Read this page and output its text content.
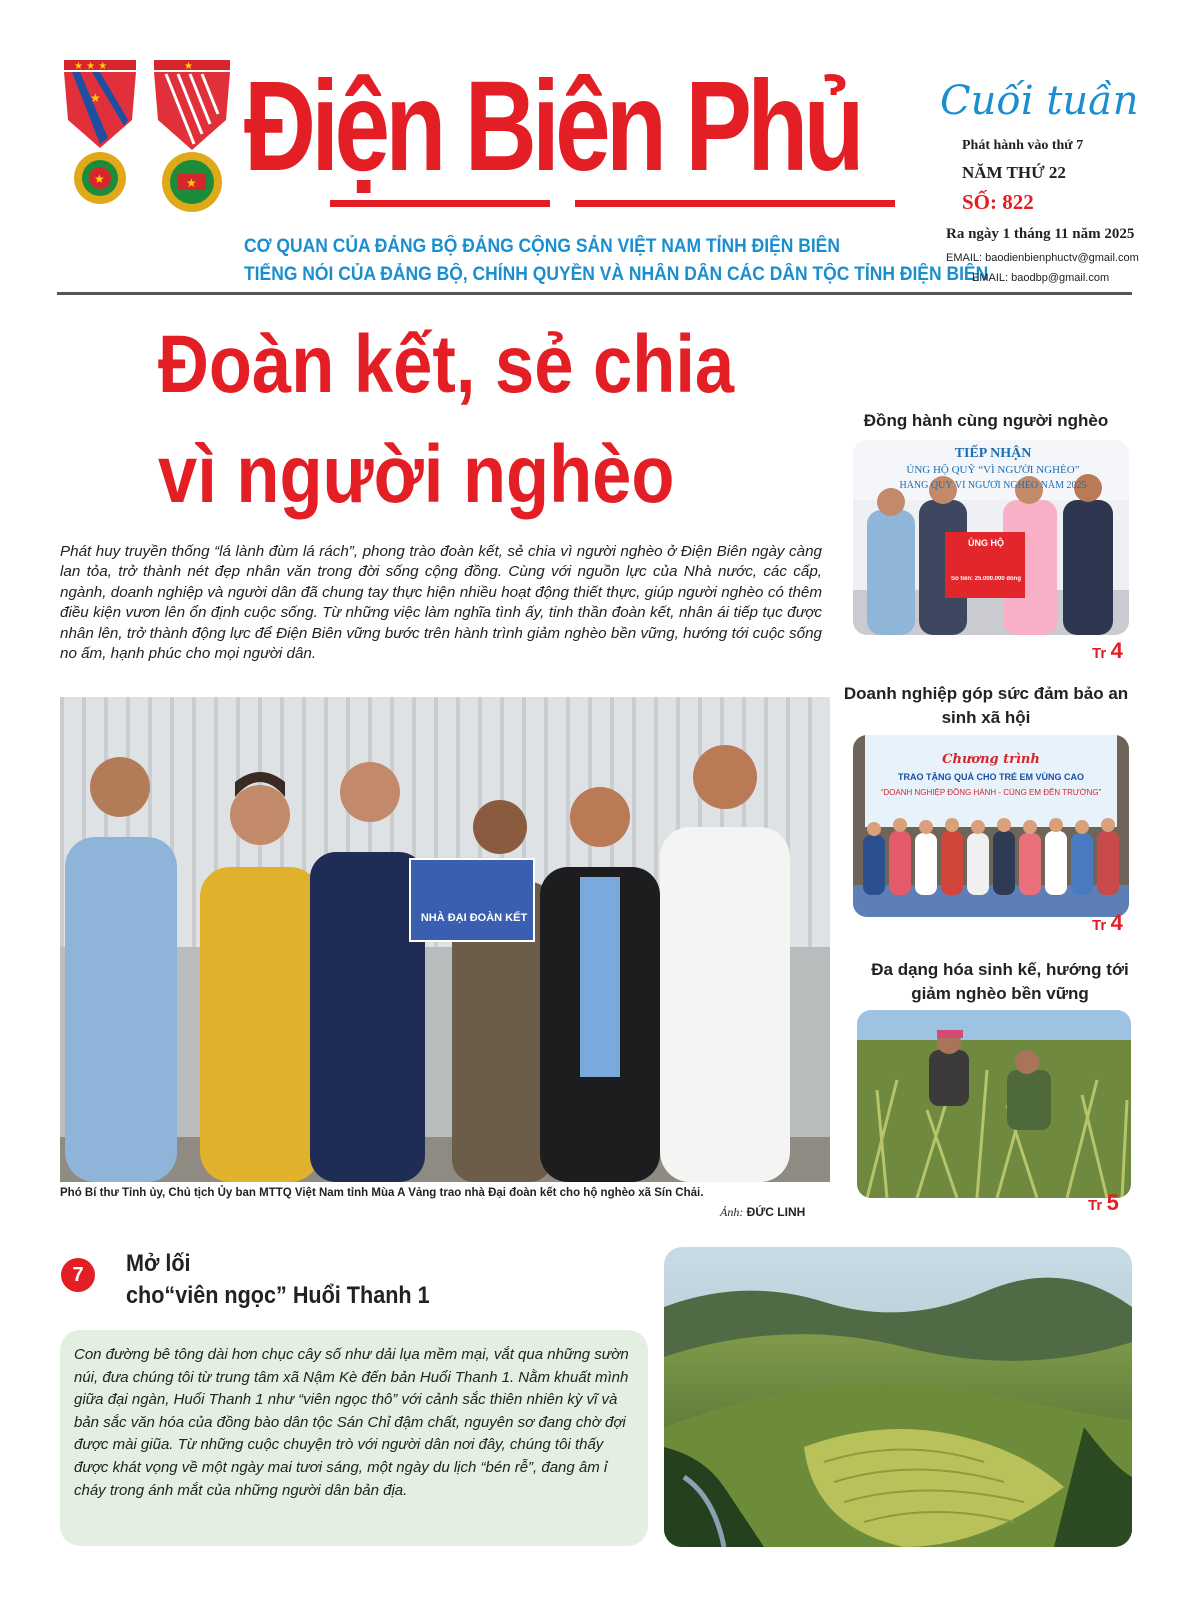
★ ★ ★
★
★
★
★ Điện Biên Phủ
CƠ QUAN CỦA ĐẢNG BỘ ĐẢNG CỘNG SẢN VIỆT NAM TỈNH ĐIỆN BIÊN
TIẾNG NÓI CỦA ĐẢNG BỘ, CHÍNH QUYỀN VÀ NHÂN DÂN CÁC DÂN TỘC TỈNH ĐIỆN BIÊN
Cuối tuần
Phát hành vào thứ 7
NĂM THỨ 22
SỐ: 822
Ra ngày 1 tháng 11 năm 2025
EMAIL: baodienbienphuctv@gmail.com
EMAIL: baodbp@gmail.com
Đoàn kết, sẻ chia
vì người nghèo
Phát huy truyền thống “lá lành đùm lá rách”, phong trào đoàn kết, sẻ chia vì người nghèo ở Điện Biên ngày càng lan tỏa, trở thành nét đẹp nhân văn trong đời sống cộng đồng. Cùng với nguồn lực của Nhà nước, các cấp, ngành, doanh nghiệp và người dân đã chung tay thực hiện nhiều hoạt động thiết thực, giúp người nghèo có thêm điều kiện vươn lên ổn định cuộc sống. Từ những việc làm nghĩa tình ấy, tinh thần đoàn kết, nhân ái tiếp tục được nhân lên, trở thành động lực để Điện Biên vững bước trên hành trình giảm nghèo bền vững, hướng tới cuộc sống no ấm, hạnh phúc cho mọi người dân.
NHÀ ĐẠI ĐOÀN KẾT
Phó Bí thư Tỉnh ủy, Chủ tịch Ủy ban MTTQ Việt Nam tỉnh Mùa A Vảng trao nhà Đại đoàn kết cho hộ nghèo xã Sín Chải.
Ảnh: ĐỨC LINH
Đồng hành cùng người nghèo
TIẾP NHẬN
ỦNG HỘ QUỸ “VÌ NGƯỜI NGHÈO”
HÀNG QUÝ VÌ NGƯỜI NGHÈO NĂM 2025
ỦNG HỘ
Số tiền: 25.000.000 đồng
Tr 4
Doanh nghiệp góp sức đảm bảo an sinh xã hội
Chương trình
TRAO TẶNG QUÀ CHO TRẺ EM VÙNG CAO
“DOANH NGHIỆP ĐỒNG HÀNH - CÙNG EM ĐẾN TRƯỜNG”
Tr 4
Đa dạng hóa sinh kế, hướng tới giảm nghèo bền vững
Tr 5
7	Mở lối
cho“viên ngọc” Huổi Thanh 1
Con đường bê tông dài hơn chục cây số như dải lụa mềm mại, vắt qua những sườn núi, đưa chúng tôi từ trung tâm xã Nậm Kè đến bản Huổi Thanh 1. Nằm khuất mình giữa đại ngàn, Huổi Thanh 1 như “viên ngọc thô” với cảnh sắc thiên nhiên kỳ vĩ và bản sắc văn hóa của đồng bào dân tộc Sán Chỉ đậm chất, nguyên sơ đang chờ đợi được mài giũa. Từ những cuộc chuyện trò với người dân nơi đây, chúng tôi thấy được khát vọng về một ngày mai tươi sáng, một ngày du lịch “bén rễ”, đang âm ỉ cháy trong ánh mắt của những người dân bản địa.
